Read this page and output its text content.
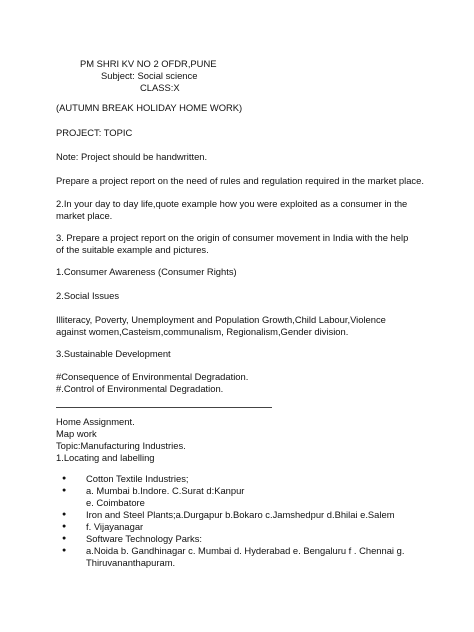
PM SHRI KV NO 2 OFDR,PUNE

Subject: Social science

CLASS:X

(AUTUMN BREAK HOLIDAY HOME WORK)

PROJECT: TOPIC

Note: Project should be handwritten.

Prepare a project report on the need of rules and regulation required in the market place.

2.In your day to day life,quote example how you were exploited as a consumer in the market place.

3. Prepare a project report on the origin of consumer movement in India with the help of the suitable example and pictures.

1.Consumer Awareness (Consumer Rights)

2.Social Issues

Illiteracy, Poverty, Unemployment and Population Growth,Child Labour,Violence against women,Casteism,communalism, Regionalism,Gender division.

3.Sustainable Development

#Consequence of Environmental Degradation.

#.Control of Environmental Degradation.

Home Assignment.

Map work

Topic:Manufacturing Industries.

1.Locating and labelling

● Cotton Textile Industries;
● a. Mumbai b.Indore. C.Surat d:Kanpur
e. Coimbatore
● Iron and Steel Plants;a.Durgapur b.Bokaro c.Jamshedpur d.Bhilai e.Salem
● f. Vijayanagar
● Software Technology Parks:
● a.Noida b. Gandhinagar c. Mumbai d. Hyderabad e. Bengaluru f . Chennai g. Thiruvananthapuram.
